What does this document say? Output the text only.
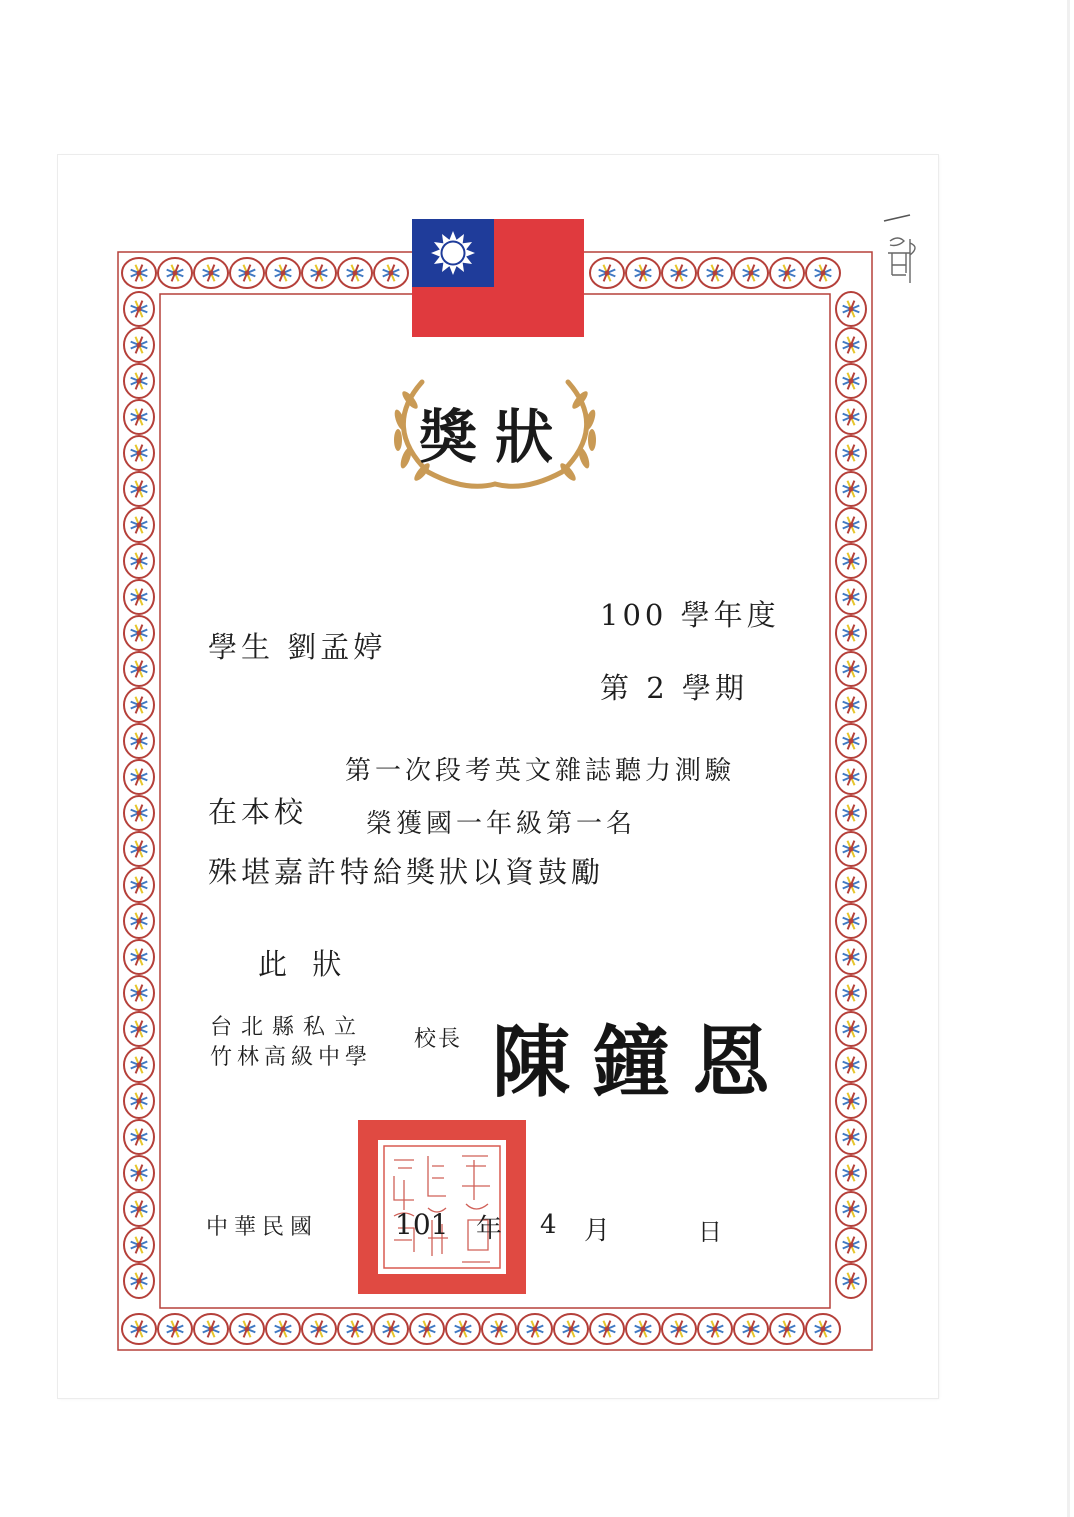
獎狀
100 學年度
學生 劉孟婷
第 2 學期
第一次段考英文雜誌聽力測驗
在本校 榮獲國一年級第一名
殊堪嘉許特給獎狀以資鼓勵
此 狀
台北縣私立
竹林高級中學
校長 陳鐘恩
中華民國	101 年 4 月	日
